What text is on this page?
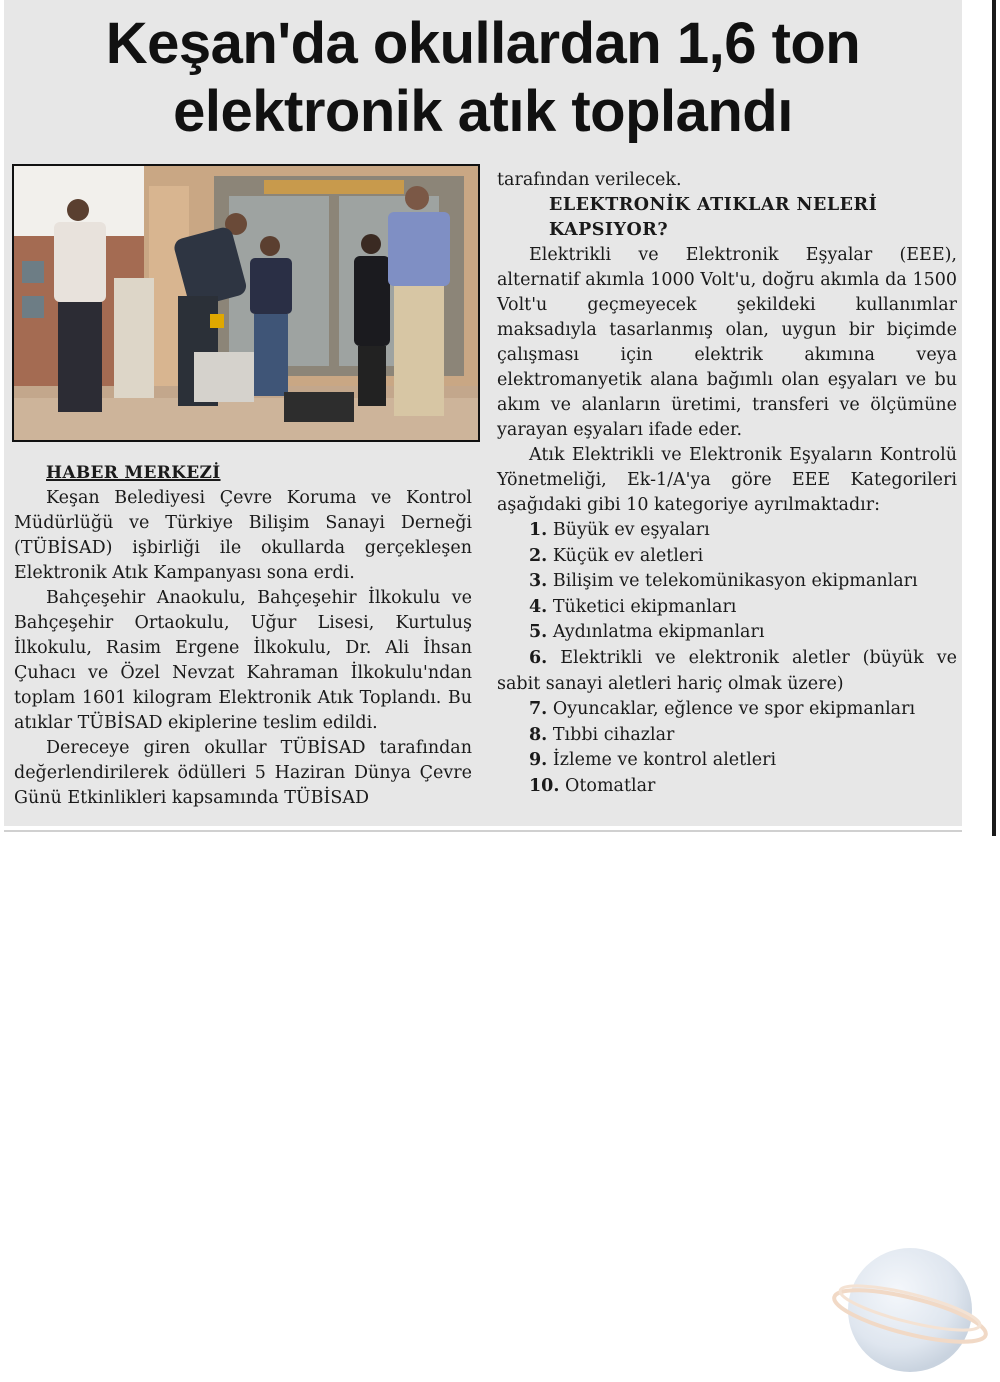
Keşan'da okullardan 1,6 ton
elektronik atık toplandı

HABER MERKEZİ

Keşan Belediyesi Çevre Koruma ve Kontrol Müdürlüğü ve Türkiye Bilişim Sanayi Derneği (TÜBİSAD) işbirliği ile okullarda gerçekleşen Elektronik Atık Kampanyası sona erdi.

Bahçeşehir Anaokulu, Bahçeşehir İlkokulu ve Bahçeşehir Ortaokulu, Uğur Lisesi, Kurtuluş İlkokulu, Rasim Ergene İlkokulu, Dr. Ali İhsan Çuhacı ve Özel Nevzat Kahraman İlkokulu'ndan toplam 1601 kilogram Elektronik Atık Toplandı. Bu atıklar TÜBİSAD ekiplerine teslim edildi.

Dereceye giren okullar TÜBİSAD tarafından değerlendirilerek ödülleri 5 Haziran Dünya Çevre Günü Etkinlikleri kapsamında TÜBİSAD

tarafından verilecek.

ELEKTRONİK ATIKLAR NELERİ

KAPSIYOR?

Elektrikli ve Elektronik Eşyalar (EEE), alternatif akımla 1000 Volt'u, doğru akımla da 1500 Volt'u geçmeyecek şekildeki kullanımlar maksadıyla tasarlanmış olan, uygun bir biçimde çalışması için elektrik akımına veya elektromanyetik alana bağımlı olan eşyaları ve bu akım ve alanların üretimi, transferi ve ölçümüne yarayan eşyaları ifade eder.

Atık Elektrikli ve Elektronik Eşyaların Kontrolü Yönetmeliği, Ek-1/A'ya göre EEE Kategorileri aşağıdaki gibi 10 kategoriye ayrılmaktadır:

1. Büyük ev eşyaları
2. Küçük ev aletleri
3. Bilişim ve telekomünikasyon ekipmanları
4. Tüketici ekipmanları
5. Aydınlatma ekipmanları
6. Elektrikli ve elektronik aletler (büyük ve sabit sanayi aletleri hariç olmak üzere)
7. Oyuncaklar, eğlence ve spor ekipmanları
8. Tıbbi cihazlar
9. İzleme ve kontrol aletleri
10. Otomatlar
